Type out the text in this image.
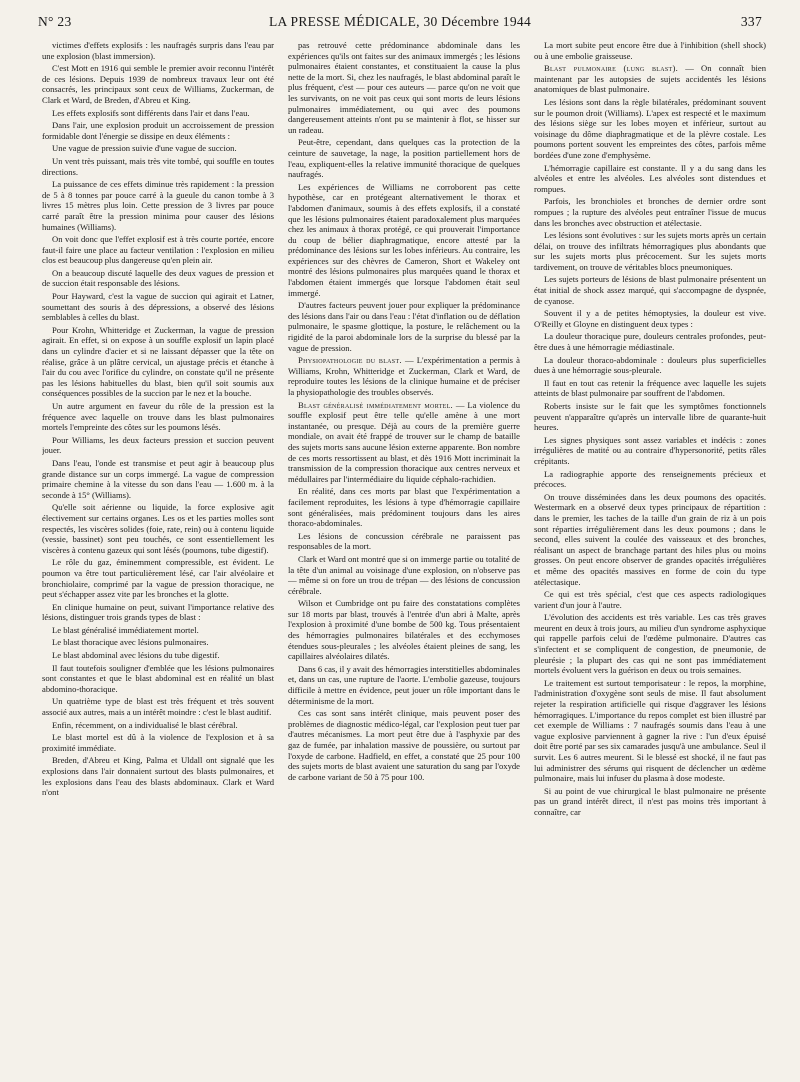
N° 23	LA PRESSE MÉDICALE, 30 Décembre 1944	337

victimes d'effets explosifs : les naufragés surpris dans l'eau par une explosion (blast immersion).

C'est Mott en 1916 qui semble le premier avoir reconnu l'intérêt de ces lésions. Depuis 1939 de nombreux travaux leur ont été consacrés, les principaux sont ceux de Williams, Zuckerman, de Clark et Ward, de Breden, d'Abreu et King.

Les effets explosifs sont différents dans l'air et dans l'eau.

Dans l'air, une explosion produit un accroissement de pression formidable dont l'énergie se dissipe en deux éléments :

Une vague de pression suivie d'une vague de succion.

Un vent très puissant, mais très vite tombé, qui souffle en toutes directions.

La puissance de ces effets diminue très rapidement : la pression de 5 à 8 tonnes par pouce carré à la gueule du canon tombe à 3 livres 15 mètres plus loin. Cette pression de 3 livres par pouce carré paraît être la pression minima pour causer des lésions humaines (Williams).

On voit donc que l'effet explosif est à très courte portée, encore faut-il faire une place au facteur ventilation : l'explosion en milieu clos est beaucoup plus dangereuse qu'en plein air.

On a beaucoup discuté laquelle des deux vagues de pression et de succion était responsable des lésions.

Pour Hayward, c'est la vague de succion qui agirait et Latner, soumettant des souris à des dépressions, a observé des lésions semblables à celles du blast.

Pour Krohn, Whitteridge et Zuckerman, la vague de pression agirait. En effet, si on expose à un souffle explosif un lapin placé dans un cylindre d'acier et si ne laissant dépasser que la tête on réalise, grâce à un plâtre cervical, un ajustage précis et étanche à l'air du cou avec l'orifice du cylindre, on constate qu'il ne présente pas les lésions habituelles du blast, bien qu'il soit soumis aux conséquences possibles de la succion par le nez et la bouche.

Un autre argument en faveur du rôle de la pression est la fréquence avec laquelle on trouve dans les blast pulmonaires mortels l'empreinte des côtes sur les poumons lésés.

Pour Williams, les deux facteurs pression et succion peuvent jouer.

Dans l'eau, l'onde est transmise et peut agir à beaucoup plus grande distance sur un corps immergé. La vague de compression primaire chemine à la vitesse du son dans l'eau — 1.600 m. à la seconde à 15° (Williams).

Qu'elle soit aérienne ou liquide, la force explosive agit électivement sur certains organes. Les os et les parties molles sont respectés, les viscères solides (foie, rate, rein) ou à contenu liquide (vessie, bassinet) sont peu touchés, ce sont essentiellement les viscères à contenu gazeux qui sont lésés (poumons, tube digestif).

Le rôle du gaz, éminemment compressible, est évident. Le poumon va être tout particulièrement lésé, car l'air alvéolaire et bronchiolaire, comprimé par la vague de pression thoracique, ne peut s'échapper assez vite par les bronches et la glotte.

En clinique humaine on peut, suivant l'importance relative des lésions, distinguer trois grands types de blast :

Le blast généralisé immédiatement mortel.

Le blast thoracique avec lésions pulmonaires.

Le blast abdominal avec lésions du tube digestif.

Il faut toutefois souligner d'emblée que les lésions pulmonaires sont constantes et que le blast abdominal est en réalité un blast abdomino-thoracique.

Un quatrième type de blast est très fréquent et très souvent associé aux autres, mais a un intérêt moindre : c'est le blast auditif.

Enfin, récemment, on a individualisé le blast cérébral.

Le blast mortel est dû à la violence de l'explosion et à sa proximité immédiate.

Breden, d'Abreu et King, Palma et Uldall ont signalé que les explosions dans l'air donnaient surtout des blasts pulmonaires, et les explosions dans l'eau des blasts abdominaux. Clark et Ward n'ont

pas retrouvé cette prédominance abdominale dans les expériences qu'ils ont faites sur des animaux immergés ; les lésions pulmonaires étaient constantes, et constituaient la cause la plus nette de la mort. Si, chez les naufragés, le blast abdominal paraît le plus fréquent, c'est — pour ces auteurs — parce qu'on ne voit que les survivants, on ne voit pas ceux qui sont morts de leurs lésions pulmonaires immédiatement, ou qui avec des poumons dangereusement atteints n'ont pu se maintenir à flot, se hisser sur un radeau.

Peut-être, cependant, dans quelques cas la protection de la ceinture de sauvetage, la nage, la position partiellement hors de l'eau, expliquent-elles la relative immunité thoracique de quelques naufragés.

Les expériences de Williams ne corroborent pas cette hypothèse, car en protégeant alternativement le thorax et l'abdomen d'animaux, soumis à des effets explosifs, il a constaté que les lésions pulmonaires étaient paradoxalement plus marquées chez les animaux à thorax protégé, ce qui prouverait l'importance du coup de bélier diaphragmatique, encore attesté par la prédominance des lésions sur les lobes inférieurs. Au contraire, les expériences sur des chèvres de Cameron, Short et Wakeley ont montré des lésions pulmonaires plus marquées quand le thorax et l'abdomen étaient immergés que lorsque l'abdomen était seul immergé.

D'autres facteurs peuvent jouer pour expliquer la prédominance des lésions dans l'air ou dans l'eau : l'état d'inflation ou de déflation pulmonaire, le spasme glottique, la posture, le relâchement ou la rigidité de la paroi abdominale lors de la surprise du blessé par la vague de pression.

Physiopathologie du blast. — L'expérimentation a permis à Williams, Krohn, Whitteridge et Zuckerman, Clark et Ward, de reproduire toutes les lésions de la clinique humaine et de préciser la physiopathologie des troubles observés.

Blast généralisé immédiatement mortel. — La violence du souffle explosif peut être telle qu'elle amène à une mort instantanée, ou presque. Déjà au cours de la première guerre mondiale, on avait été frappé de trouver sur le champ de bataille des sujets morts sans aucune lésion externe apparente. Bon nombre de ces morts ressortissent au blast, et dès 1916 Mott incriminait la transmission de la compression thoracique aux centres nerveux et médullaires par l'intermédiaire du liquide céphalo-rachidien.

En réalité, dans ces morts par blast que l'expérimentation a facilement reproduites, les lésions à type d'hémorragie capillaire sont généralisées, mais prédominent toujours dans les aires thoraco-abdominales.

Les lésions de concussion cérébrale ne paraissent pas responsables de la mort.

Clark et Ward ont montré que si on immerge partie ou totalité de la tête d'un animal au voisinage d'une explosion, on n'observe pas — même si on fore un trou de trépan — des lésions de concussion cérébrale.

Wilson et Cumbridge ont pu faire des constatations complètes sur 18 morts par blast, trouvés à l'entrée d'un abri à Malte, après l'explosion à proximité d'une bombe de 500 kg. Tous présentaient des hémorragies pulmonaires bilatérales et des ecchymoses étendues sous-pleurales ; les alvéoles étaient pleines de sang, les capillaires alvéolaires dilatés.

Dans 6 cas, il y avait des hémorragies interstitielles abdominales et, dans un cas, une rupture de l'aorte. L'embolie gazeuse, toujours difficile à mettre en évidence, peut jouer un rôle important dans le déterminisme de la mort.

Ces cas sont sans intérêt clinique, mais peuvent poser des problèmes de diagnostic médico-légal, car l'explosion peut tuer par d'autres mécanismes. La mort peut être due à l'asphyxie par des gaz de fumée, par inhalation massive de poussière, ou surtout par l'oxyde de carbone. Hadfield, en effet, a constaté que 25 pour 100 des sujets morts de blast avaient une saturation du sang par l'oxyde de carbone variant de 50 à 75 pour 100.

La mort subite peut encore être due à l'inhibition (shell shock) ou à une embolie graisseuse.

Blast pulmonaire (lung blast). — On connaît bien maintenant par les autopsies de sujets accidentés les lésions anatomiques de blast pulmonaire.

Les lésions sont dans la règle bilatérales, prédominant souvent sur le poumon droit (Williams). L'apex est respecté et le maximum des lésions siège sur les lobes moyen et inférieur, surtout au voisinage du dôme diaphragmatique et de la plèvre costale. Les poumons portent souvent les empreintes des côtes, parfois même bordées d'une zone d'emphysème.

L'hémorragie capillaire est constante. Il y a du sang dans les alvéoles et entre les alvéoles. Les alvéoles sont distendues et rompues.

Parfois, les bronchioles et bronches de dernier ordre sont rompues ; la rupture des alvéoles peut entraîner l'issue de mucus dans les bronches avec obstruction et atélectasie.

Les lésions sont évolutives : sur les sujets morts après un certain délai, on trouve des infiltrats hémorragiques plus abondants que sur les sujets morts plus précocement. Sur les sujets morts tardivement, on trouve de véritables blocs pneumoniques.

Les sujets porteurs de lésions de blast pulmonaire présentent un état initial de shock assez marqué, qui s'accompagne de dyspnée, de cyanose.

Souvent il y a de petites hémoptysies, la douleur est vive. O'Reilly et Gloyne en distinguent deux types :

La douleur thoracique pure, douleurs centrales profondes, peut-être dues à une hémorragie médiastinale.

La douleur thoraco-abdominale : douleurs plus superficielles dues à une hémorragie sous-pleurale.

Il faut en tout cas retenir la fréquence avec laquelle les sujets atteints de blast pulmonaire par souffrent de l'abdomen.

Roberts insiste sur le fait que les symptômes fonctionnels peuvent n'apparaître qu'après un intervalle libre de quarante-huit heures.

Les signes physiques sont assez variables et indécis : zones irrégulières de matité ou au contraire d'hypersonorité, petits râles crépitants.

La radiographie apporte des renseignements précieux et précoces.

On trouve disséminées dans les deux poumons des opacités. Westermark en a observé deux types principaux de répartition : dans le premier, les taches de la taille d'un grain de riz à un pois sont réparties irrégulièrement dans les deux poumons ; dans le second, elles suivent la coulée des vaisseaux et des bronches, réalisant un aspect de branchage partant des hiles plus ou moins grosses. On peut encore observer de grandes opacités irrégulières et même des opacités massives en forme de coin du type atélectasique.

Ce qui est très spécial, c'est que ces aspects radiologiques varient d'un jour à l'autre.

L'évolution des accidents est très variable. Les cas très graves meurent en deux à trois jours, au milieu d'un syndrome asphyxique qui rappelle parfois celui de l'œdème pulmonaire. D'autres cas s'infectent et se compliquent de congestion, de pneumonie, de pleurésie ; la plupart des cas qui ne sont pas immédiatement mortels évoluent vers la guérison en deux ou trois semaines.

Le traitement est surtout temporisateur : le repos, la morphine, l'administration d'oxygène sont seuls de mise. Il faut absolument rejeter la respiration artificielle qui risque d'aggraver les lésions hémorragiques. L'importance du repos complet est bien illustré par cet exemple de Williams : 7 naufragés soumis dans l'eau à une vague explosive parviennent à gagner la rive : l'un d'eux épuisé doit être porté par ses six camarades jusqu'à une ambulance. Seul il survit. Les 6 autres meurent. Si le blessé est shocké, il ne faut pas lui administrer des sérums qui risquent de déclencher un œdème pulmonaire, mais lui infuser du plasma à dose modeste.

Si au point de vue chirurgical le blast pulmonaire ne présente pas un grand intérêt direct, il n'est pas moins très important à connaître, car
